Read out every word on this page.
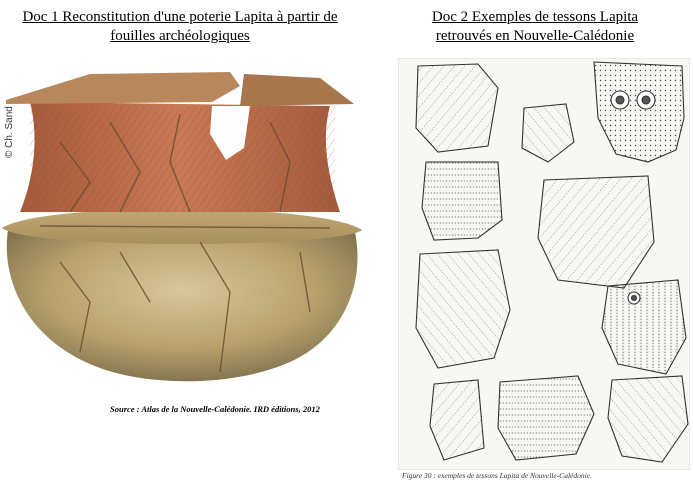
Doc 1 Reconstitution d'une poterie Lapita à partir de
fouilles archéologiques
Doc 2 Exemples de tessons Lapita
retrouvés en Nouvelle-Calédonie
© Ch. Sand
Source : Atlas de la Nouvelle-Calédonie. IRD éditions, 2012
Figure 30 : exemples de tessons Lapita de Nouvelle-Calédonie.
